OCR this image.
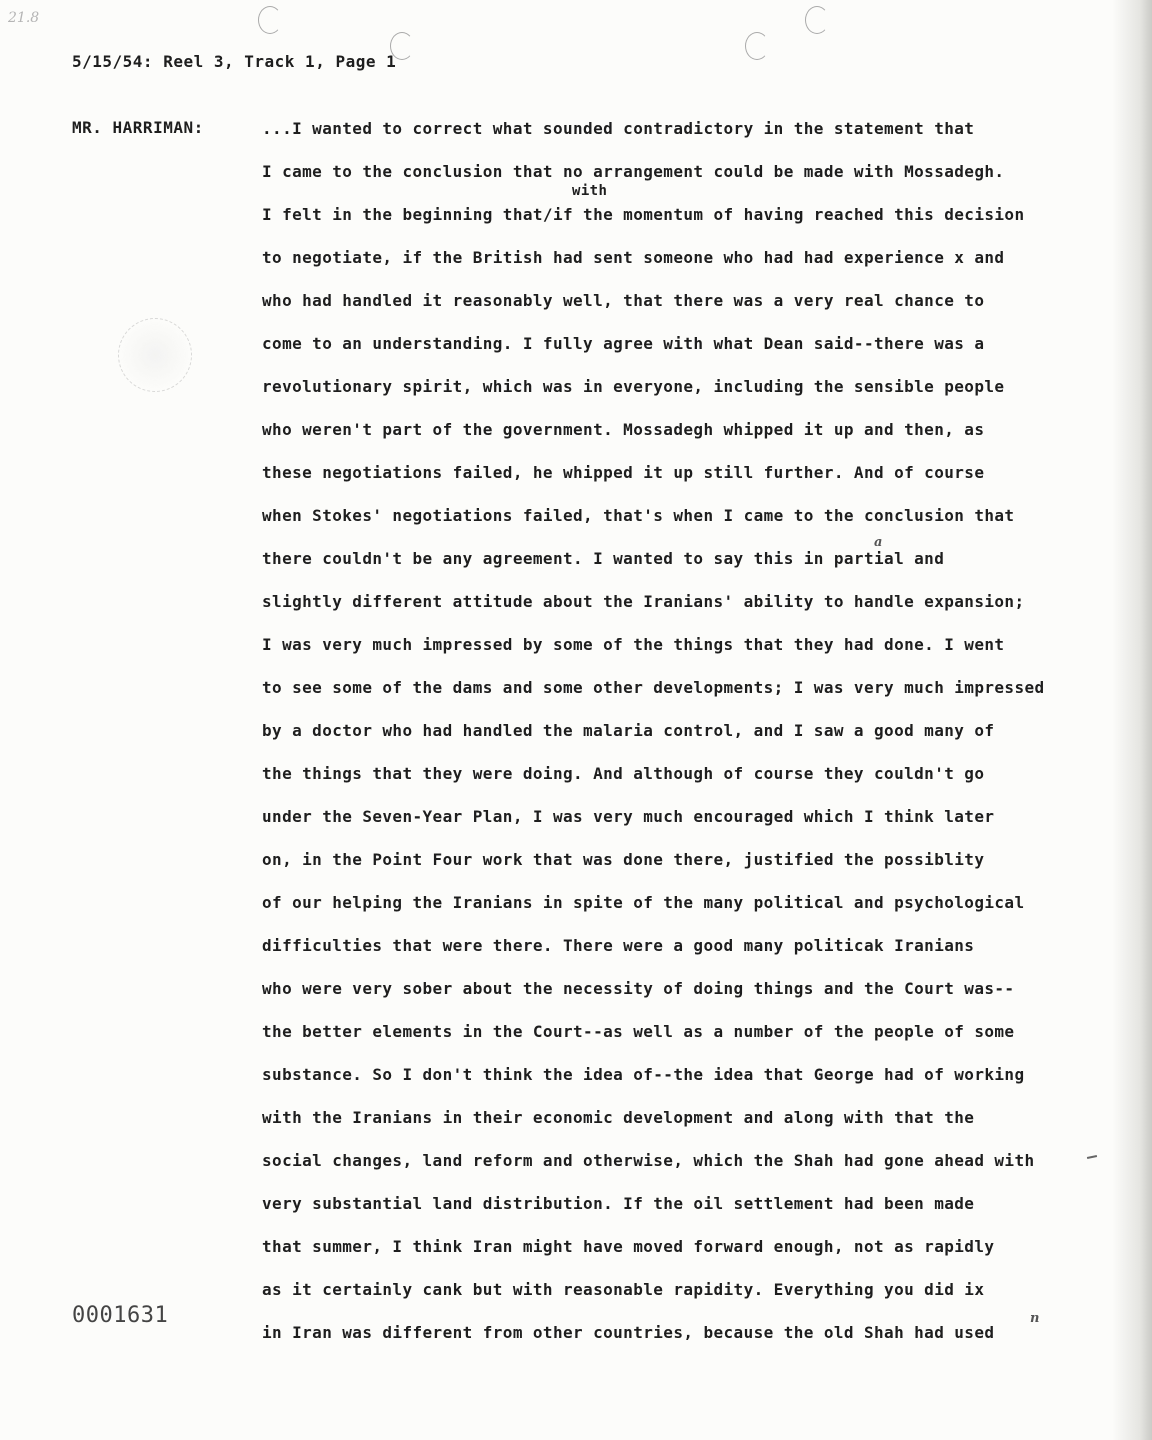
21.8
5/15/54: Reel 3, Track 1, Page 1
MR. HARRIMAN:	...I wanted to correct what sounded contradictory in the statement that
I came to the conclusion that no arrangement could be made with Mossadegh.
with
I felt in the beginning that/if the momentum of having reached this decision
to negotiate, if the British had sent someone who had had experience x and
who had handled it reasonably well, that there was a very real chance to
come to an understanding. I fully agree with what Dean said--there was a
revolutionary spirit, which was in everyone, including the sensible people
who weren't part of the government. Mossadegh whipped it up and then, as
these negotiations failed, he whipped it up still further. And of course
when Stokes' negotiations failed, that's when I came to the conclusion that
a
there couldn't be any agreement. I wanted to say this in partial and
slightly different attitude about the Iranians' ability to handle expansion;
I was very much impressed by some of the things that they had done. I went
to see some of the dams and some other developments; I was very much impressed
by a doctor who had handled the malaria control, and I saw a good many of
the things that they were doing. And although of course they couldn't go
under the Seven-Year Plan, I was very much encouraged which I think later
on, in the Point Four work that was done there, justified the possiblity
of our helping the Iranians in spite of the many political and psychological
difficulties that were there. There were a good many politicak Iranians
who were very sober about the necessity of doing things and the Court was--
the better elements in the Court--as well as a number of the people of some
substance. So I don't think the idea of--the idea that George had of working
with the Iranians in their economic development and along with that the
social changes, land reform and otherwise, which the Shah had gone ahead with
very substantial land distribution. If the oil settlement had been made
that summer, I think Iran might have moved forward enough, not as rapidly
as it certainly cank but with reasonable rapidity. Everything you did ix
n
in Iran was different from other countries, because the old Shah had used
0001631
